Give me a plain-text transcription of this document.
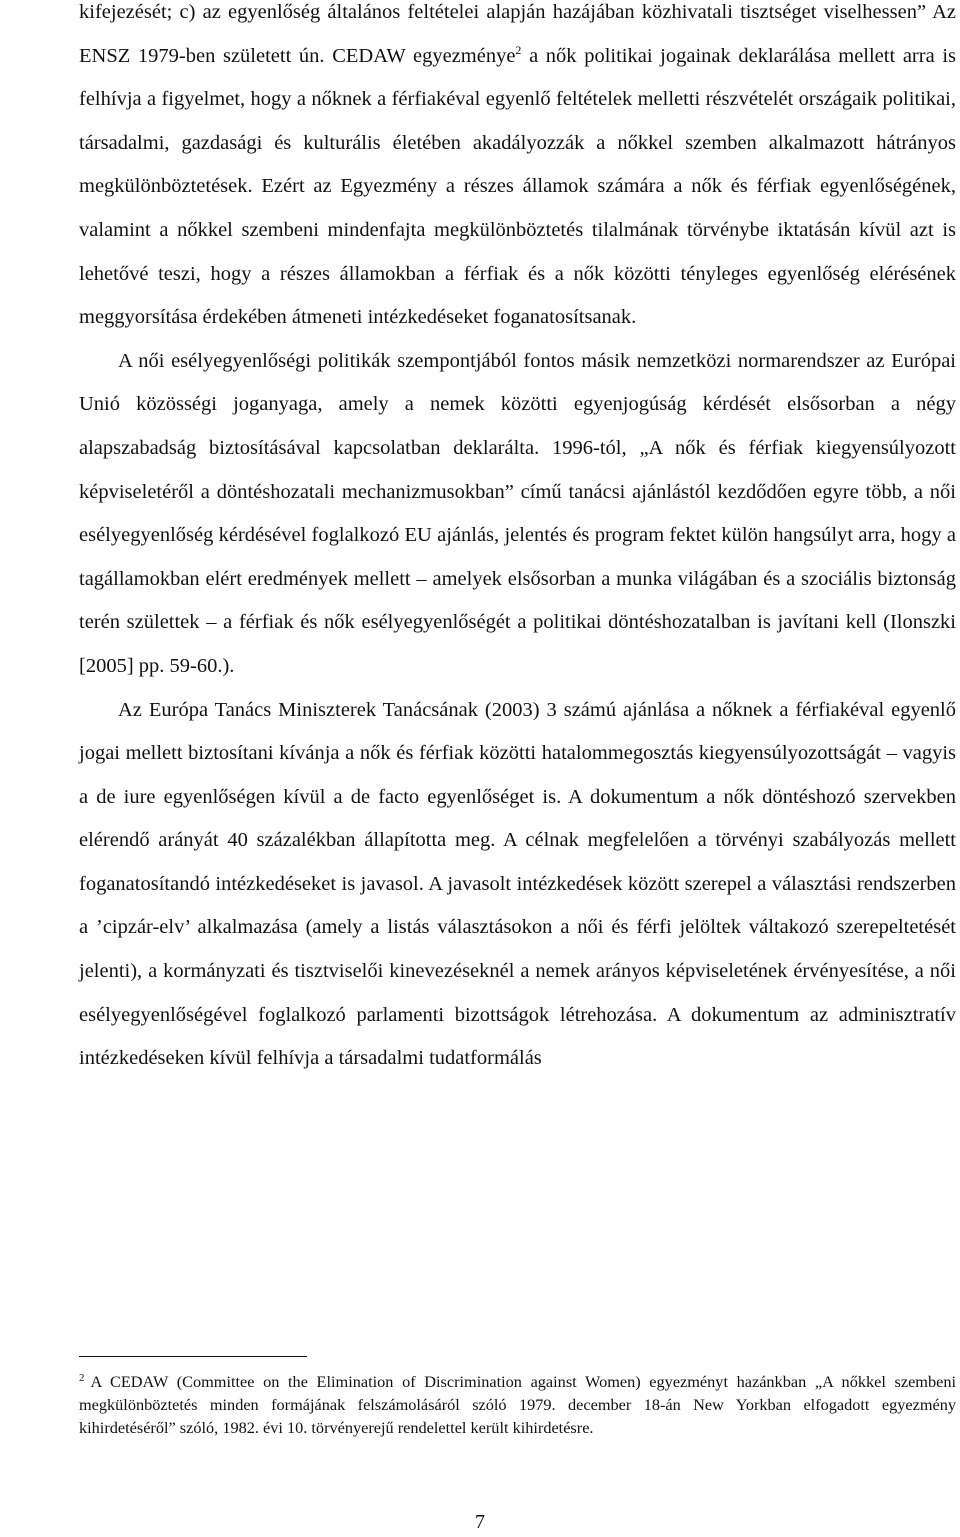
kifejezését; c) az egyenlőség általános feltételei alapján hazájában közhivatali tisztséget viselhessen” Az ENSZ 1979-ben született ún. CEDAW egyezménye$^2$ a nők politikai jogainak deklarálása mellett arra is felhívja a figyelmet, hogy a nőknek a férfiakéval egyenlő feltételek melletti részvételét országaik politikai, társadalmi, gazdasági és kulturális életében akadályozzák a nőkkel szemben alkalmazott hátrányos megkülönböztetések. Ezért az Egyezmény a részes államok számára a nők és férfiak egyenlőségének, valamint a nőkkel szembeni mindenfajta megkülönböztetés tilalmának törvénybe iktatásán kívül azt is lehetővé teszi, hogy a részes államokban a férfiak és a nők közötti tényleges egyenlőség elérésének meggyorsítása érdekében átmeneti intézkedéseket foganatosítsanak.

A női esélyegyenlőségi politikák szempontjából fontos másik nemzetközi normarendszer az Európai Unió közösségi joganyaga, amely a nemek közötti egyenjogúság kérdését elsősorban a négy alapszabadság biztosításával kapcsolatban deklarálta. 1996-tól, „A nők és férfiak kiegyensúlyozott képviseletéről a döntéshozatali mechanizmusokban” című tanácsi ajánlástól kezdődően egyre több, a női esélyegyenlőség kérdésével foglalkozó EU ajánlás, jelentés és program fektet külön hangsúlyt arra, hogy a tagállamokban elért eredmények mellett – amelyek elsősorban a munka világában és a szociális biztonság terén születtek – a férfiak és nők esélyegyenlőségét a politikai döntéshozatalban is javítani kell (Ilonszki [2005] pp. 59-60.).

Az Európa Tanács Miniszterek Tanácsának (2003) 3 számú ajánlása a nőknek a férfiakéval egyenlő jogai mellett biztosítani kívánja a nők és férfiak közötti hatalommegosztás kiegyensúlyozottságát – vagyis a de iure egyenlőségen kívül a de facto egyenlőséget is. A dokumentum a nők döntéshozó szervekben elérendő arányát 40 százalékban állapította meg. A célnak megfelelően a törvényi szabályozás mellett foganatosítandó intézkedéseket is javasol. A javasolt intézkedések között szerepel a választási rendszerben a ’cipzár-elv’ alkalmazása (amely a listás választásokon a női és férfi jelöltek váltakozó szerepeltetését jelenti), a kormányzati és tisztviselői kinevezéseknél a nemek arányos képviseletének érvényesítése, a női esélyegyenlőségével foglalkozó parlamenti bizottságok létrehozása. A dokumentum az adminisztratív intézkedéseken kívül felhívja a társadalmi tudatformálás

$^2$ A CEDAW (Committee on the Elimination of Discrimination against Women) egyezményt hazánkban „A nőkkel szembeni megkülönböztetés minden formájának felszámolásáról szóló 1979. december 18-án New Yorkban elfogadott egyezmény kihirdetéséről” szóló, 1982. évi 10. törvényerejű rendelettel került kihirdetésre.

7
